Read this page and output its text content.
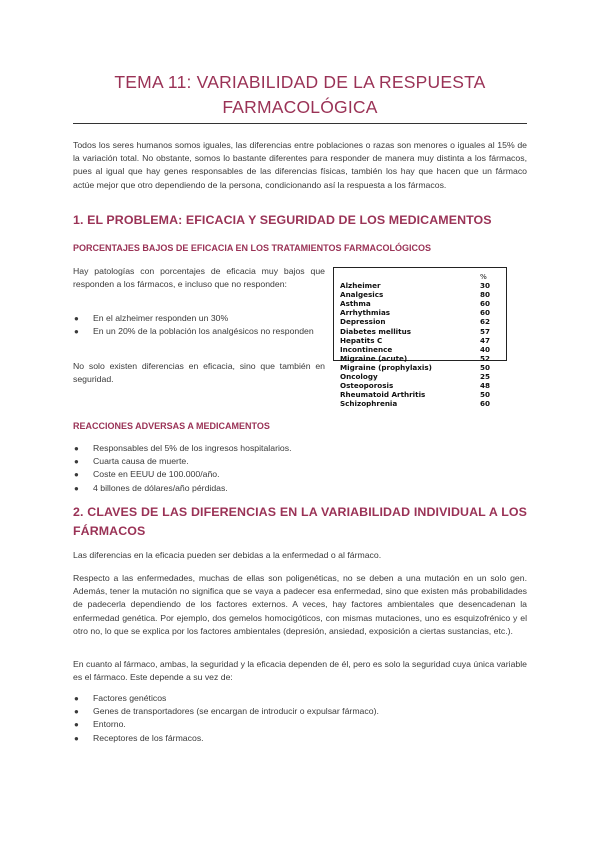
TEMA 11: VARIABILIDAD DE LA RESPUESTA FARMACOLÓGICA

Todos los seres humanos somos iguales, las diferencias entre poblaciones o razas son menores o iguales al 15% de la variación total. No obstante, somos lo bastante diferentes para responder de manera muy distinta a los fármacos, pues al igual que hay genes responsables de las diferencias físicas, también los hay que hacen que un fármaco actúe mejor que otro dependiendo de la persona, condicionando así la respuesta a los fármacos.

1. EL PROBLEMA: EFICACIA Y SEGURIDAD DE LOS MEDICAMENTOS
PORCENTAJES BAJOS DE EFICACIA EN LOS TRATAMIENTOS FARMACOLÓGICOS

Hay patologías con porcentajes de eficacia muy bajos que responden a los fármacos, e incluso que no responden:

● En el alzheimer responden un 30%
● En un 20% de la población los analgésicos no responden

No solo existen diferencias en eficacia, sino que también en seguridad.

%
Alzheimer	30
Analgesics	80
Asthma	60
Arrhythmias	60
Depression	62
Diabetes mellitus	57
Hepatits C	47
Incontinence	40
Migraine (acute)	52
Migraine (prophylaxis)	50
Oncology	25
Osteoporosis	48
Rheumatoid Arthritis	50
Schizophrenia	60
REACCIONES ADVERSAS A MEDICAMENTOS
● Responsables del 5% de los ingresos hospitalarios.
● Cuarta causa de muerte.
● Coste en EEUU de 100.000/año.
● 4 billones de dólares/año pérdidas.
2. CLAVES DE LAS DIFERENCIAS EN LA VARIABILIDAD INDIVIDUAL A LOS FÁRMACOS

Las diferencias en la eficacia pueden ser debidas a la enfermedad o al fármaco.

Respecto a las enfermedades, muchas de ellas son poligenéticas, no se deben a una mutación en un solo gen. Además, tener la mutación no significa que se vaya a padecer esa enfermedad, sino que existen más probabilidades de padecerla dependiendo de los factores externos. A veces, hay factores ambientales que desencadenan la enfermedad genética. Por ejemplo, dos gemelos homocigóticos, con mismas mutaciones, uno es esquizofrénico y el otro no, lo que se explica por los factores ambientales (depresión, ansiedad, exposición a ciertas sustancias, etc.).

En cuanto al fármaco, ambas, la seguridad y la eficacia dependen de él, pero es solo la seguridad cuya única variable es el fármaco. Este depende a su vez de:

● Factores genéticos
● Genes de transportadores (se encargan de introducir o expulsar fármaco).
● Entorno.
● Receptores de los fármacos.
